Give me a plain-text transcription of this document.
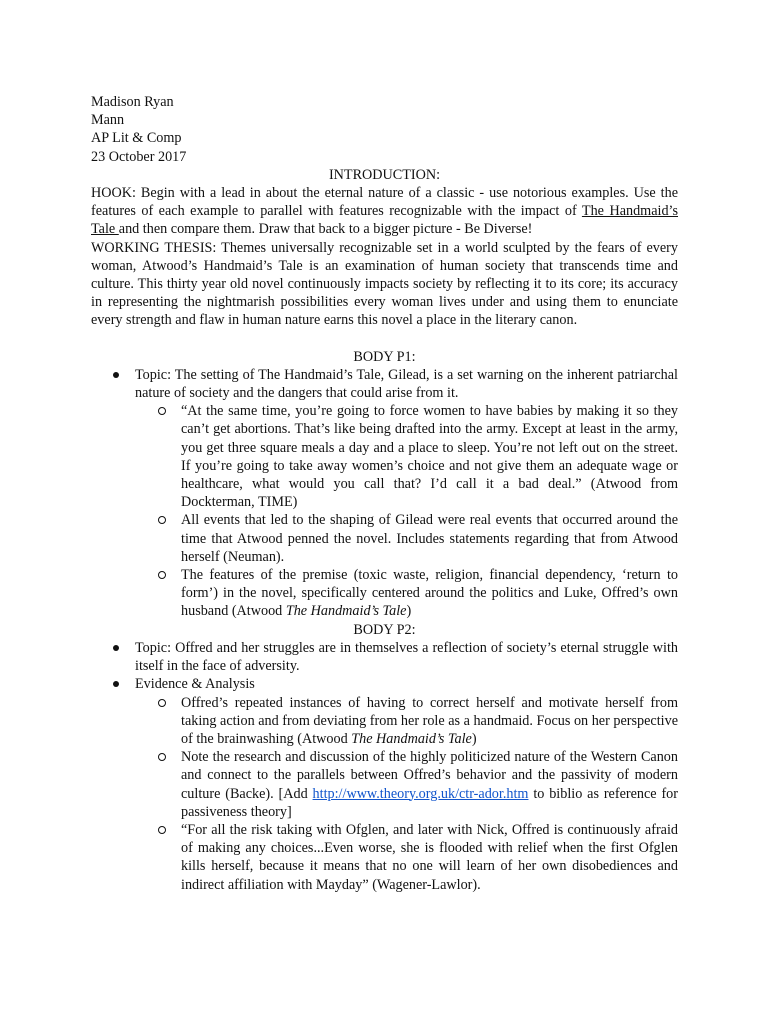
Madison Ryan
Mann
AP Lit & Comp
23 October 2017
INTRODUCTION:
HOOK: Begin with a lead in about the eternal nature of a classic - use notorious examples. Use the features of each example to parallel with features recognizable with the impact of The Handmaid’s Tale and then compare them. Draw that back to a bigger picture - Be Diverse!
WORKING THESIS: Themes universally recognizable set in a world sculpted by the fears of every woman, Atwood’s Handmaid’s Tale is an examination of human society that transcends time and culture. This thirty year old novel continuously impacts society by reflecting it to its core; its accuracy in representing the nightmarish possibilities every woman lives under and using them to enunciate every strength and flaw in human nature earns this novel a place in the literary canon.
BODY P1:
Topic: The setting of The Handmaid’s Tale, Gilead, is a set warning on the inherent patriarchal nature of society and the dangers that could arise from it.
“At the same time, you’re going to force women to have babies by making it so they can’t get abortions. That’s like being drafted into the army. Except at least in the army, you get three square meals a day and a place to sleep. You’re not left out on the street. If you’re going to take away women’s choice and not give them an adequate wage or healthcare, what would you call that? I’d call it a bad deal.” (Atwood from Dockterman, TIME)
All events that led to the shaping of Gilead were real events that occurred around the time that Atwood penned the novel. Includes statements regarding that from Atwood herself (Neuman).
The features of the premise (toxic waste, religion, financial dependency, ‘return to form’) in the novel, specifically centered around the politics and Luke, Offred’s own husband (Atwood The Handmaid’s Tale)
BODY P2:
Topic: Offred and her struggles are in themselves a reflection of society’s eternal struggle with itself in the face of adversity.
Evidence & Analysis
Offred’s repeated instances of having to correct herself and motivate herself from taking action and from deviating from her role as a handmaid. Focus on her perspective of the brainwashing (Atwood The Handmaid’s Tale)
Note the research and discussion of the highly politicized nature of the Western Canon and connect to the parallels between Offred’s behavior and the passivity of modern culture (Backe). [Add http://www.theory.org.uk/ctr-ador.htm to biblio as reference for passiveness theory]
“For all the risk taking with Ofglen, and later with Nick, Offred is continuously afraid of making any choices...Even worse, she is flooded with relief when the first Ofglen kills herself, because it means that no one will learn of her own disobediences and indirect affiliation with Mayday” (Wagener-Lawlor).
